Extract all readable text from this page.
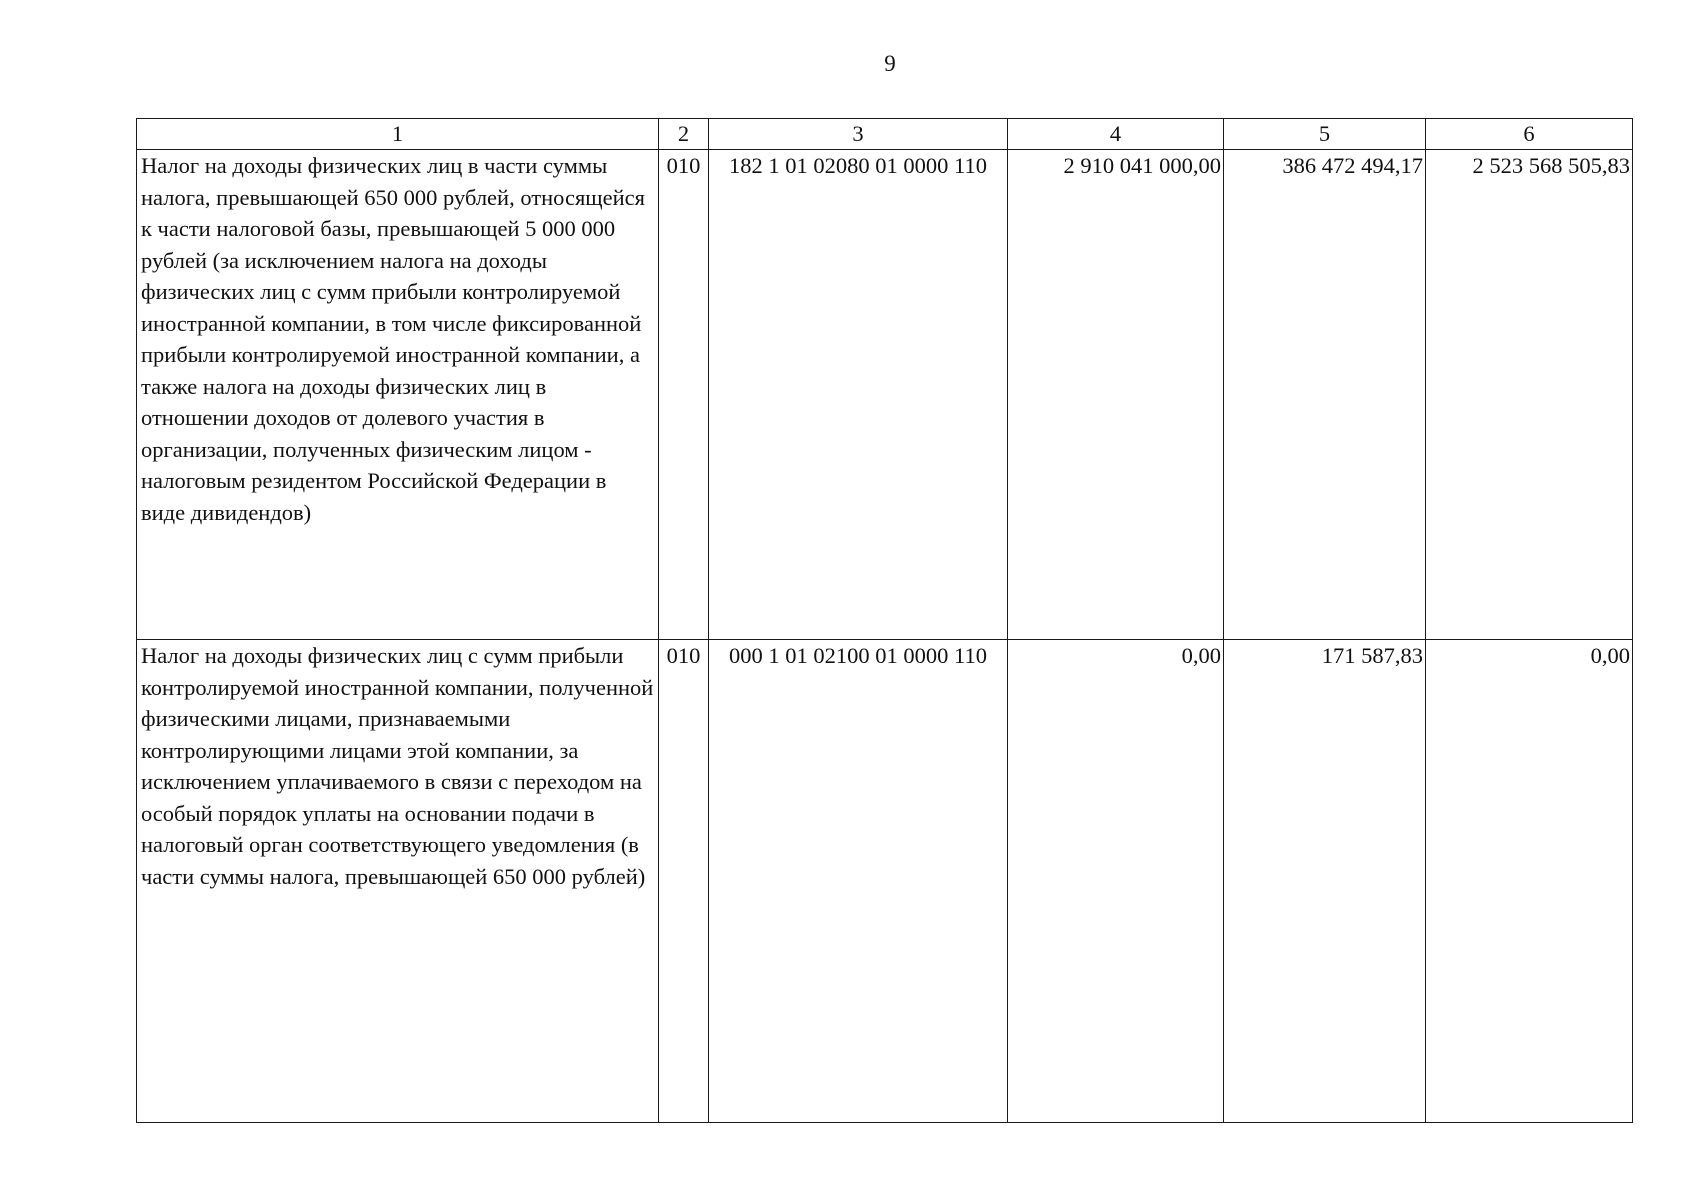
9
1	2	3	4	5	6
Налог на доходы физических лиц в части суммы налога, превышающей 650 000 рублей, относящейся к части налоговой базы, превышающей 5 000 000 рублей (за исключением налога на доходы физических лиц с сумм прибыли контролируемой иностранной компании, в том числе фиксированной прибыли контролируемой иностранной компании, а также налога на доходы физических лиц в отношении доходов от долевого участия в организации, полученных физическим лицом - налоговым резидентом Российской Федерации в виде дивидендов)	010	182 1 01 02080 01 0000 110	2 910 041 000,00	386 472 494,17	2 523 568 505,83
Налог на доходы физических лиц с сумм прибыли контролируемой иностранной компании, полученной физическими лицами, признаваемыми контролирующими лицами этой компании, за исключением уплачиваемого в связи с переходом на особый порядок уплаты на основании подачи в налоговый орган соответствующего уведомления (в части суммы налога, превышающей 650 000 рублей)	010	000 1 01 02100 01 0000 110	0,00	171 587,83	0,00
